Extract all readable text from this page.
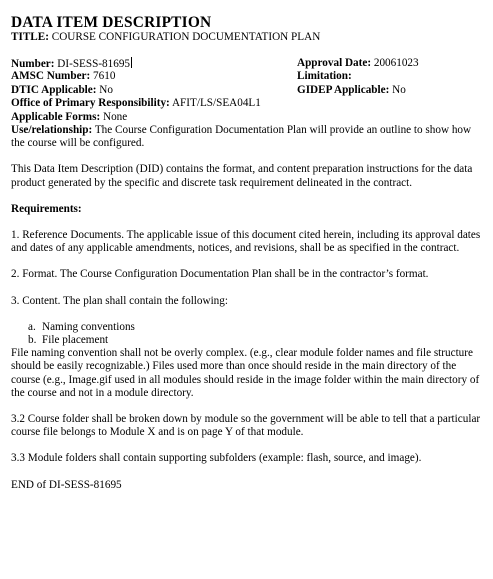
DATA ITEM DESCRIPTION
TITLE: COURSE CONFIGURATION DOCUMENTATION PLAN
Number: DI-SESS-81695	Approval Date: 20061023
AMSC Number: 7610	Limitation:
DTIC Applicable: No	GIDEP Applicable: No
Office of Primary Responsibility: AFIT/LS/SEA04L1
Applicable Forms: None

Use/relationship: The Course Configuration Documentation Plan will provide an outline to show how the course will be configured.

This Data Item Description (DID) contains the format, and content preparation instructions for the data product generated by the specific and discrete task requirement delineated in the contract.

Requirements:

1. Reference Documents. The applicable issue of this document cited herein, including its approval dates and dates of any applicable amendments, notices, and revisions, shall be as specified in the contract.

2. Format. The Course Configuration Documentation Plan shall be in the contractor’s format.

3. Content. The plan shall contain the following:

a. Naming conventions
b. File placement

File naming convention shall not be overly complex. (e.g., clear module folder names and file structure should be easily recognizable.) Files used more than once should reside in the main directory of the course (e.g., Image.gif used in all modules should reside in the image folder within the main directory of the course and not in a module directory.

3.2 Course folder shall be broken down by module so the government will be able to tell that a particular course file belongs to Module X and is on page Y of that module.

3.3 Module folders shall contain supporting subfolders (example: flash, source, and image).

END of DI-SESS-81695
